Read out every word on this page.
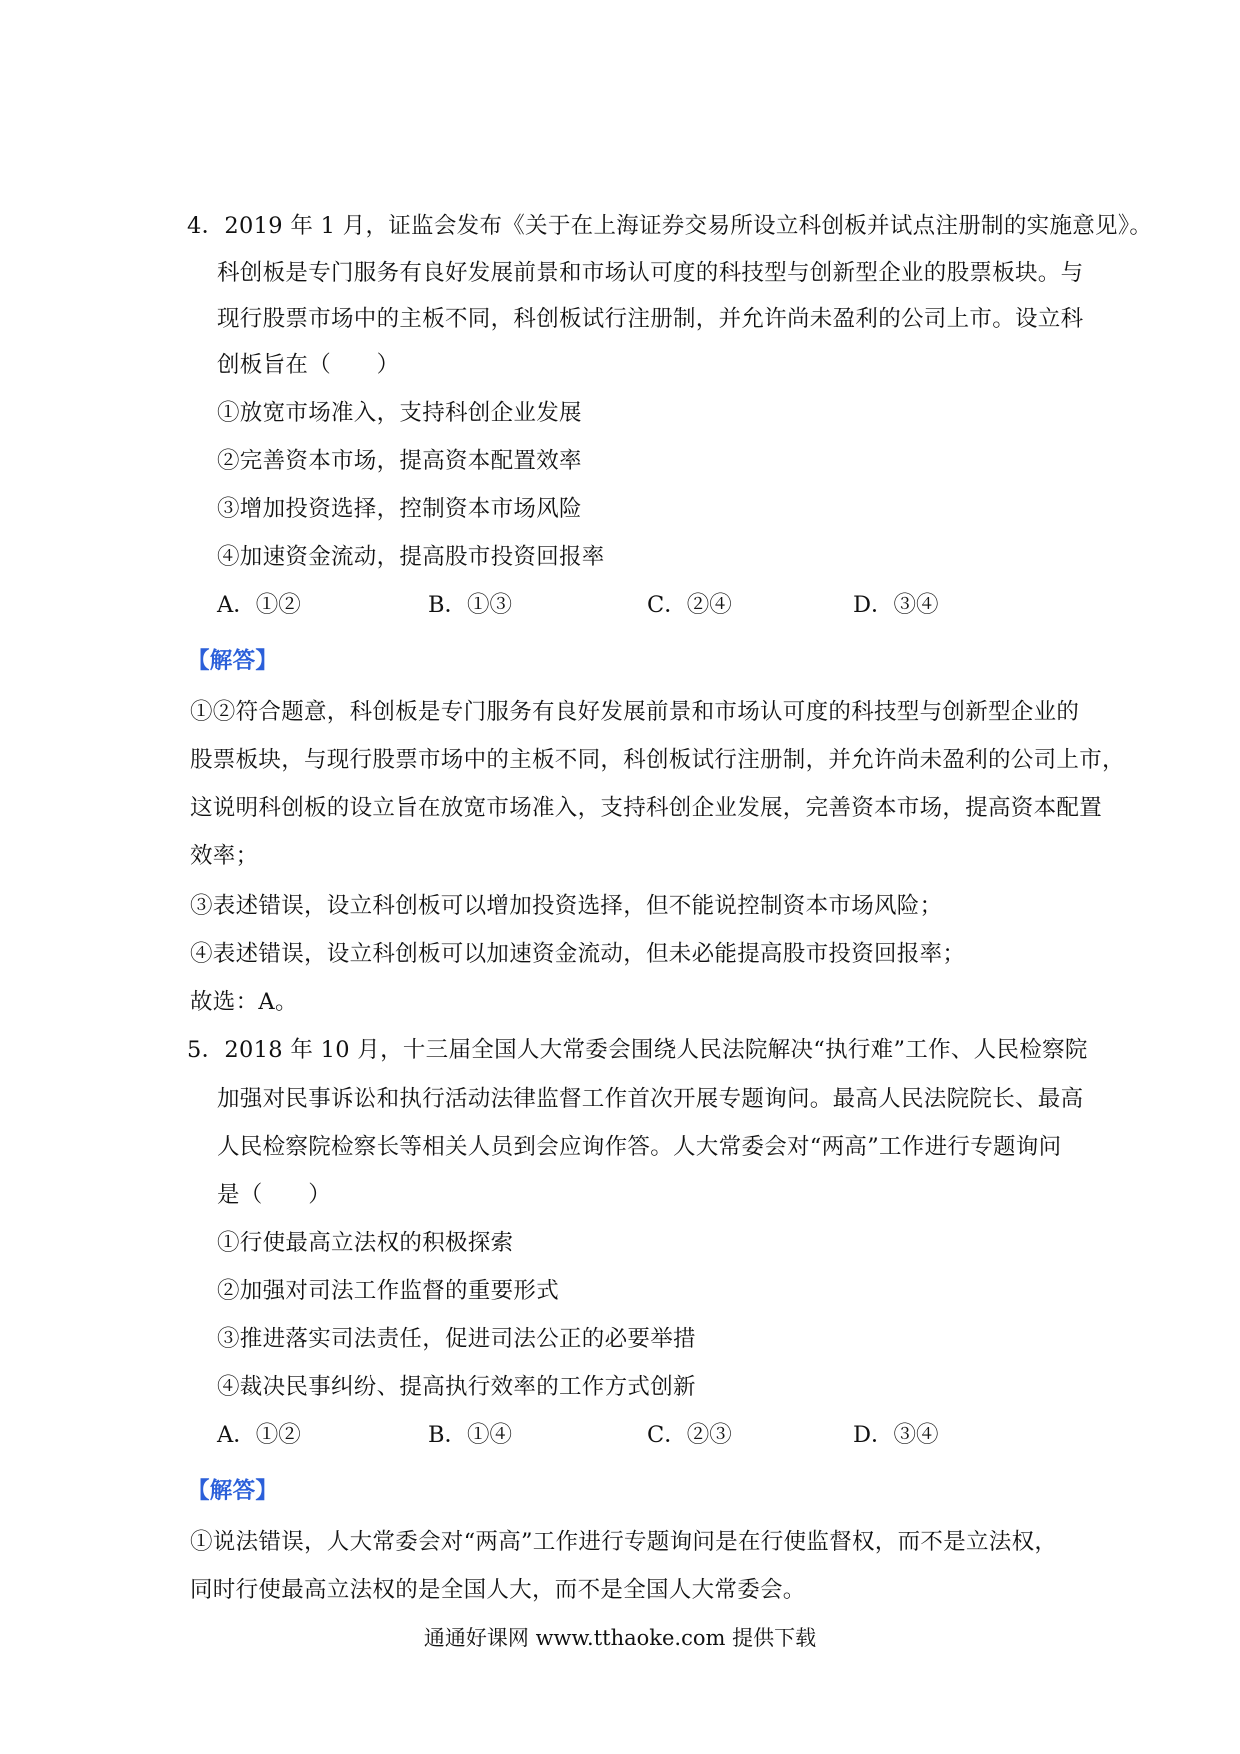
4．2019 年 1 月，证监会发布《关于在上海证券交易所设立科创板并试点注册制的实施意见》。
科创板是专门服务有良好发展前景和市场认可度的科技型与创新型企业的股票板块。与
现行股票市场中的主板不同，科创板试行注册制，并允许尚未盈利的公司上市。设立科
创板旨在（　　）
①放宽市场准入，支持科创企业发展
②完善资本市场，提高资本配置效率
③增加投资选择，控制资本市场风险
④加速资金流动，提高股市投资回报率
A．①②	B．①③	C．②④	D．③④
【解答】
①②符合题意，科创板是专门服务有良好发展前景和市场认可度的科技型与创新型企业的
股票板块，与现行股票市场中的主板不同，科创板试行注册制，并允许尚未盈利的公司上市，
这说明科创板的设立旨在放宽市场准入，支持科创企业发展，完善资本市场，提高资本配置
效率；
③表述错误，设立科创板可以增加投资选择，但不能说控制资本市场风险；
④表述错误，设立科创板可以加速资金流动，但未必能提高股市投资回报率；
故选：A。
5．2018 年 10 月，十三届全国人大常委会围绕人民法院解决“执行难”工作、人民检察院
加强对民事诉讼和执行活动法律监督工作首次开展专题询问。最高人民法院院长、最高
人民检察院检察长等相关人员到会应询作答。人大常委会对“两高”工作进行专题询问
是（　　）
①行使最高立法权的积极探索
②加强对司法工作监督的重要形式
③推进落实司法责任，促进司法公正的必要举措
④裁决民事纠纷、提高执行效率的工作方式创新
A．①②	B．①④	C．②③	D．③④
【解答】
①说法错误，人大常委会对“两高”工作进行专题询问是在行使监督权，而不是立法权，
同时行使最高立法权的是全国人大，而不是全国人大常委会。
通通好课网 www.tthaoke.com 提供下载
